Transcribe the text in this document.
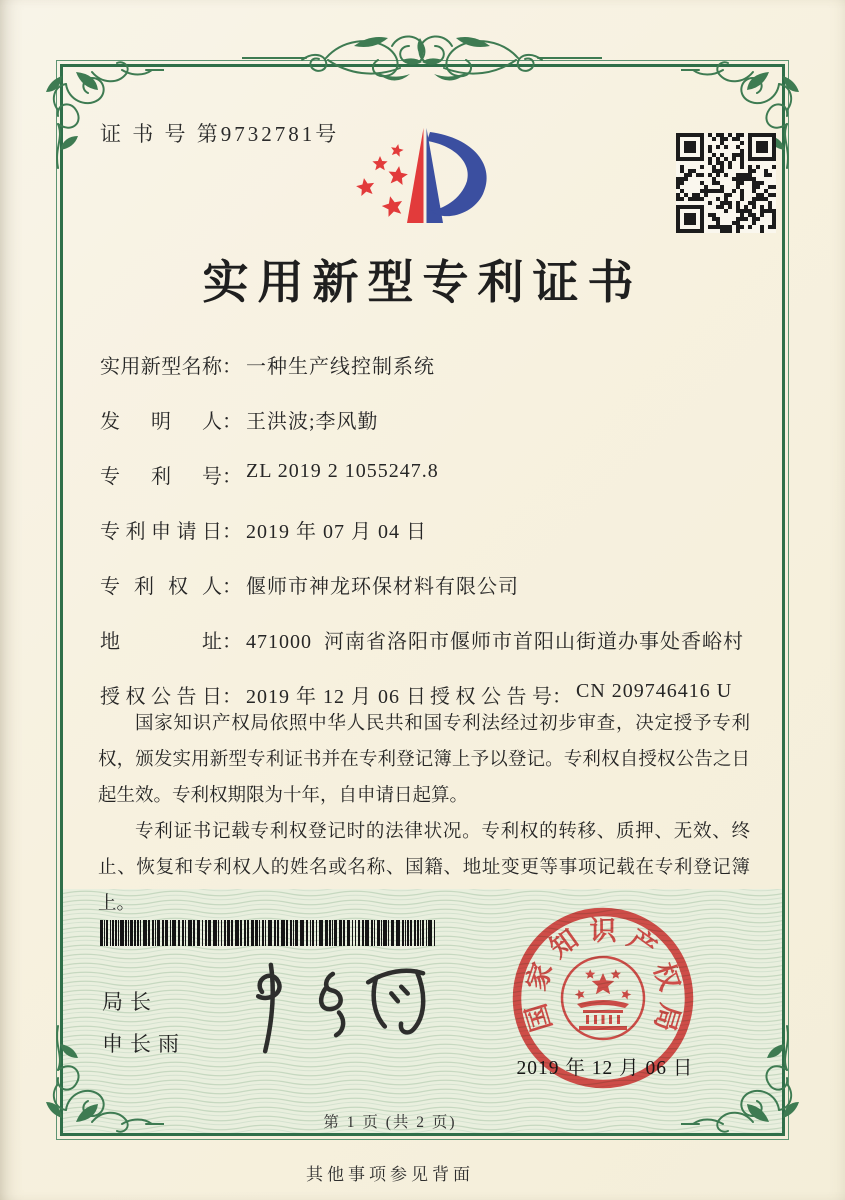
证 书 号 第9732781号
实用新型专利证书
实用新型名称： 一种生产线控制系统
发明人： 王洪波;李风勤
专利号： ZL 2019 2 1055247.8
专利申请日： 2019 年 07 月 04 日
专利权人： 偃师市神龙环保材料有限公司
地址： 471000  河南省洛阳市偃师市首阳山街道办事处香峪村
授权公告日： 2019 年 12 月 06 日 授权公告号： CN 209746416 U

国家知识产权局依照中华人民共和国专利法经过初步审查，决定授予专利权，颁发实用新型专利证书并在专利登记簿上予以登记。专利权自授权公告之日起生效。专利权期限为十年，自申请日起算。

专利证书记载专利权登记时的法律状况。专利权的转移、质押、无效、终止、恢复和专利权人的姓名或名称、国籍、地址变更等事项记载在专利登记簿上。

局长
申长雨
国
家
知 识 产
权
局
2019 年 12 月 06 日
第 1 页 (共 2 页)
其他事项参见背面
